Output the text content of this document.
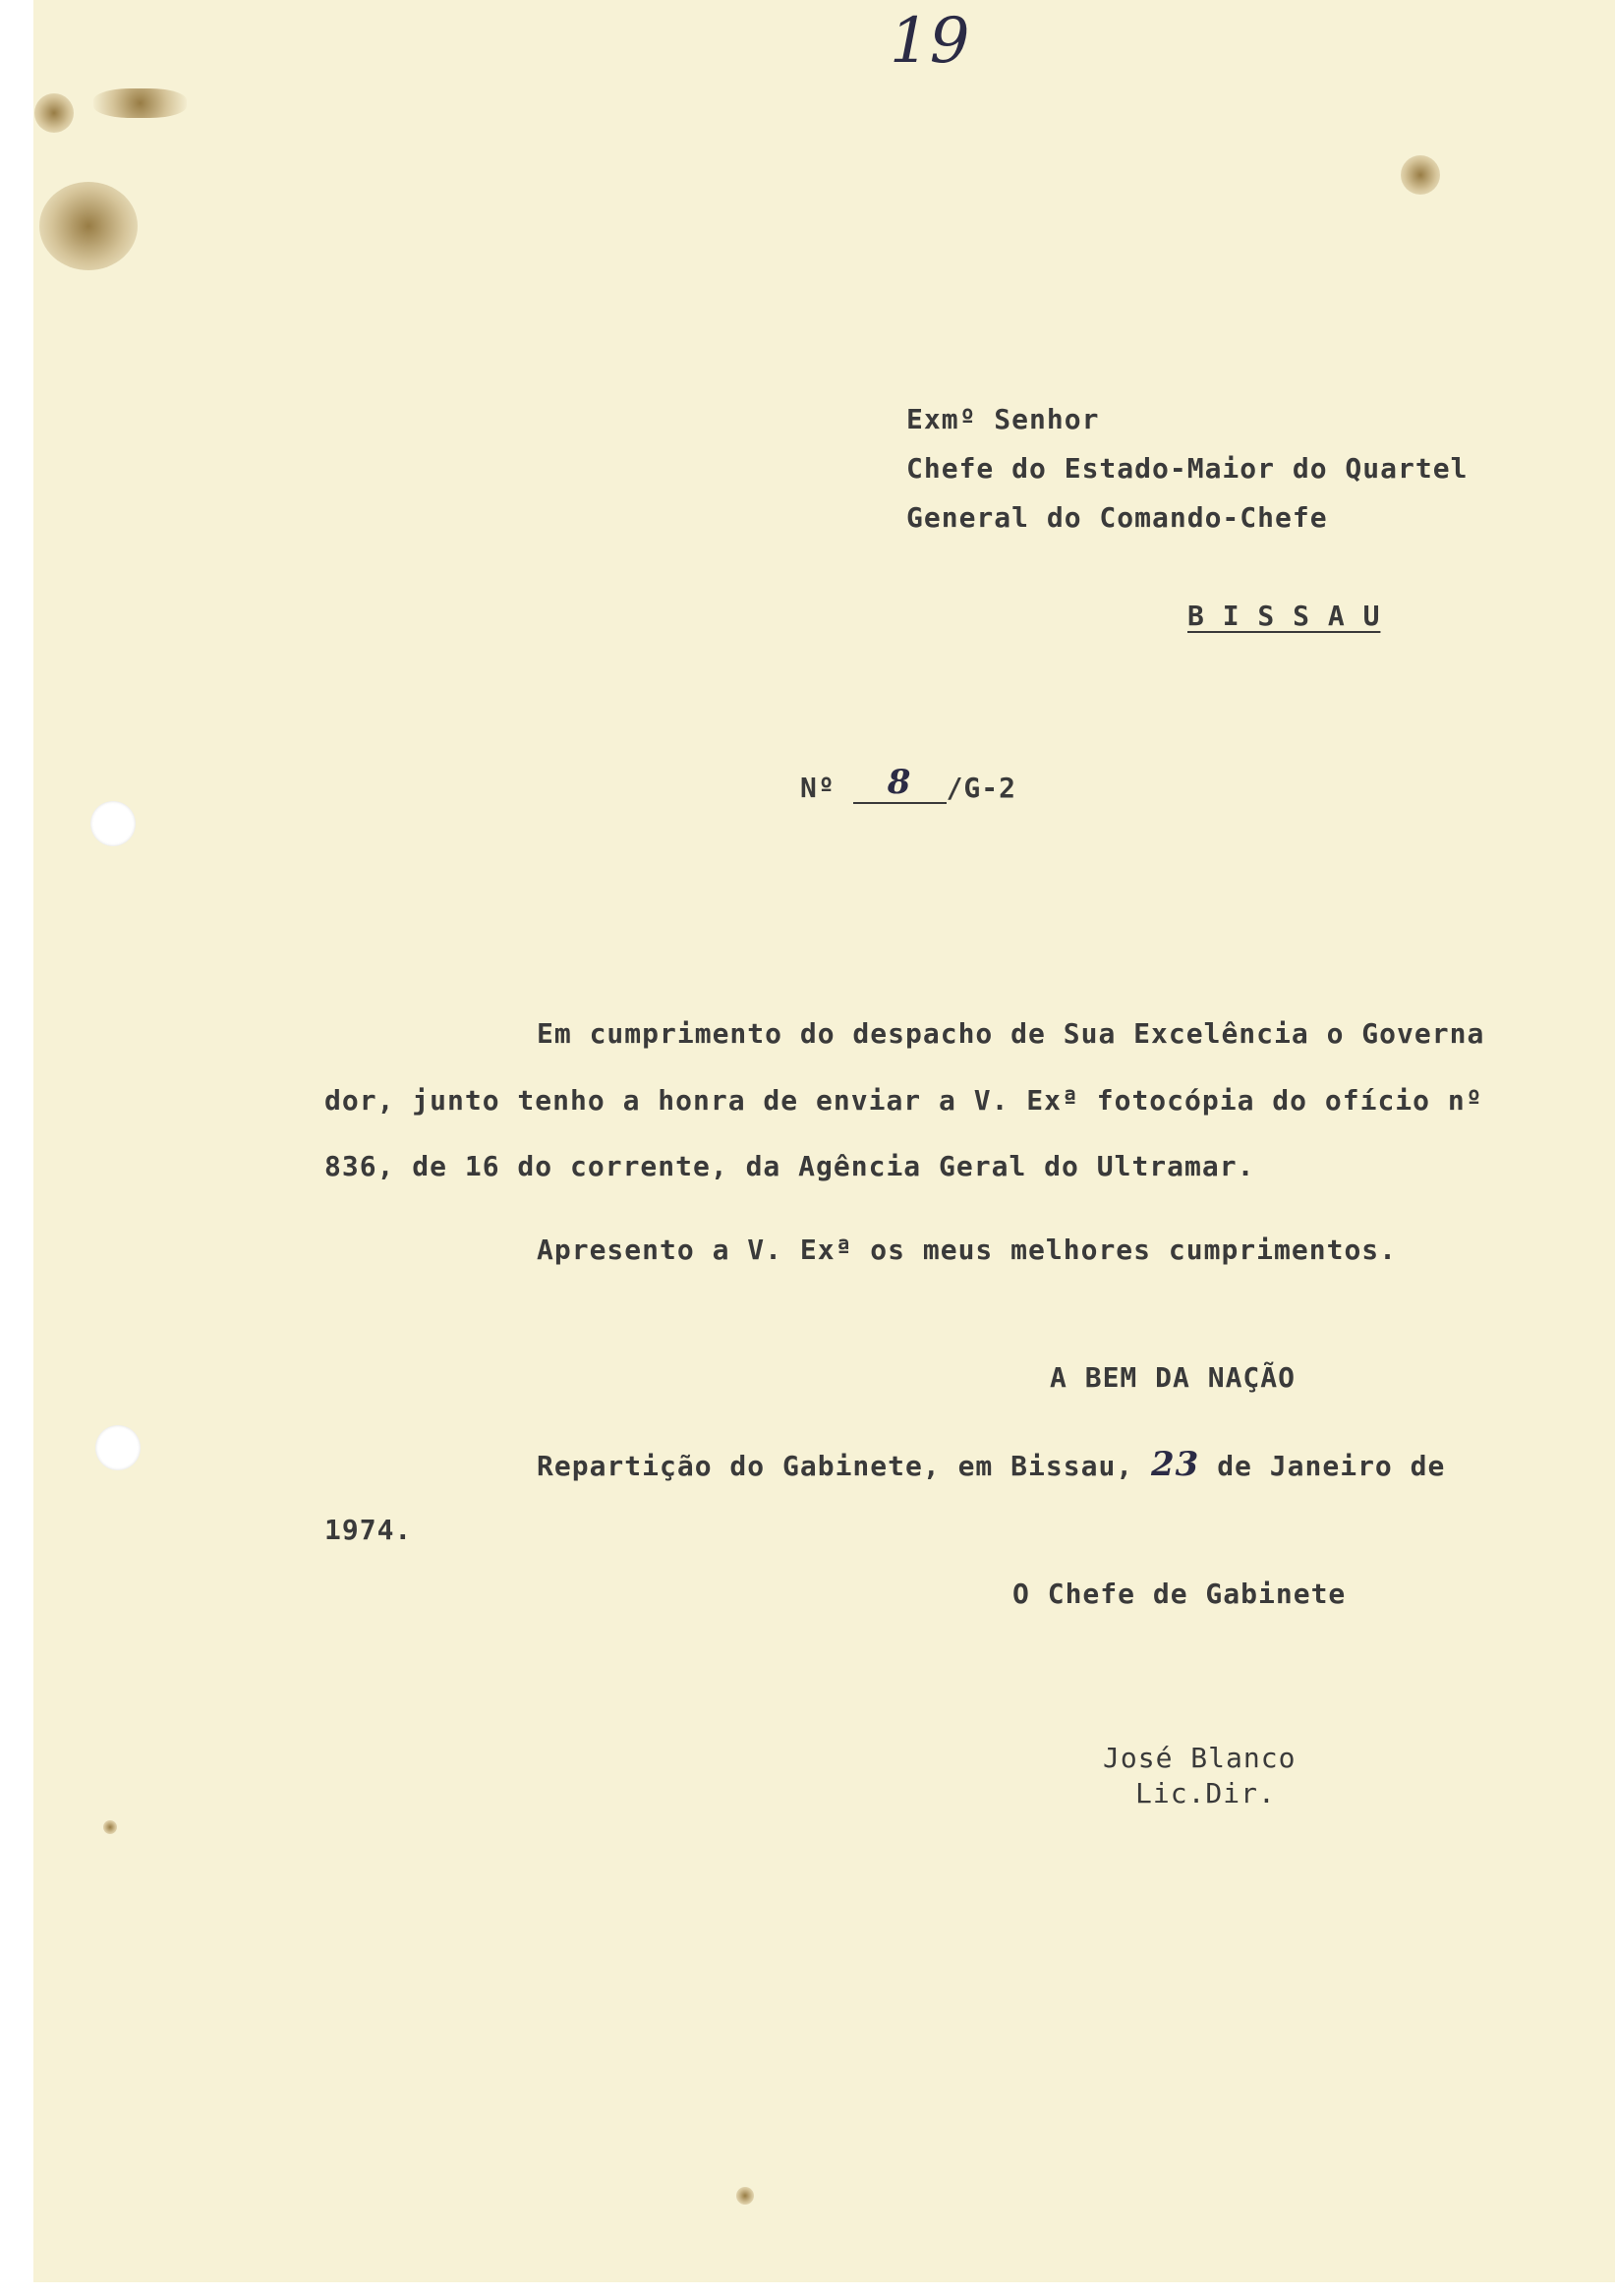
19
Exmº Senhor
Chefe do Estado-Maior do Quartel
General do Comando-Chefe
B I S S A U
Nº 8 /G-2
Em cumprimento do despacho de Sua Excelência o Governa
dor, junto tenho a honra de enviar a V. Exª fotocópia do ofício nº
836, de 16 do corrente, da Agência Geral do Ultramar.
Apresento a V. Exª os meus melhores cumprimentos.
A BEM DA NAÇÃO
Repartição do Gabinete, em Bissau, 23 de Janeiro de
1974.
O Chefe de Gabinete
José Blanco
Lic.Dir.
